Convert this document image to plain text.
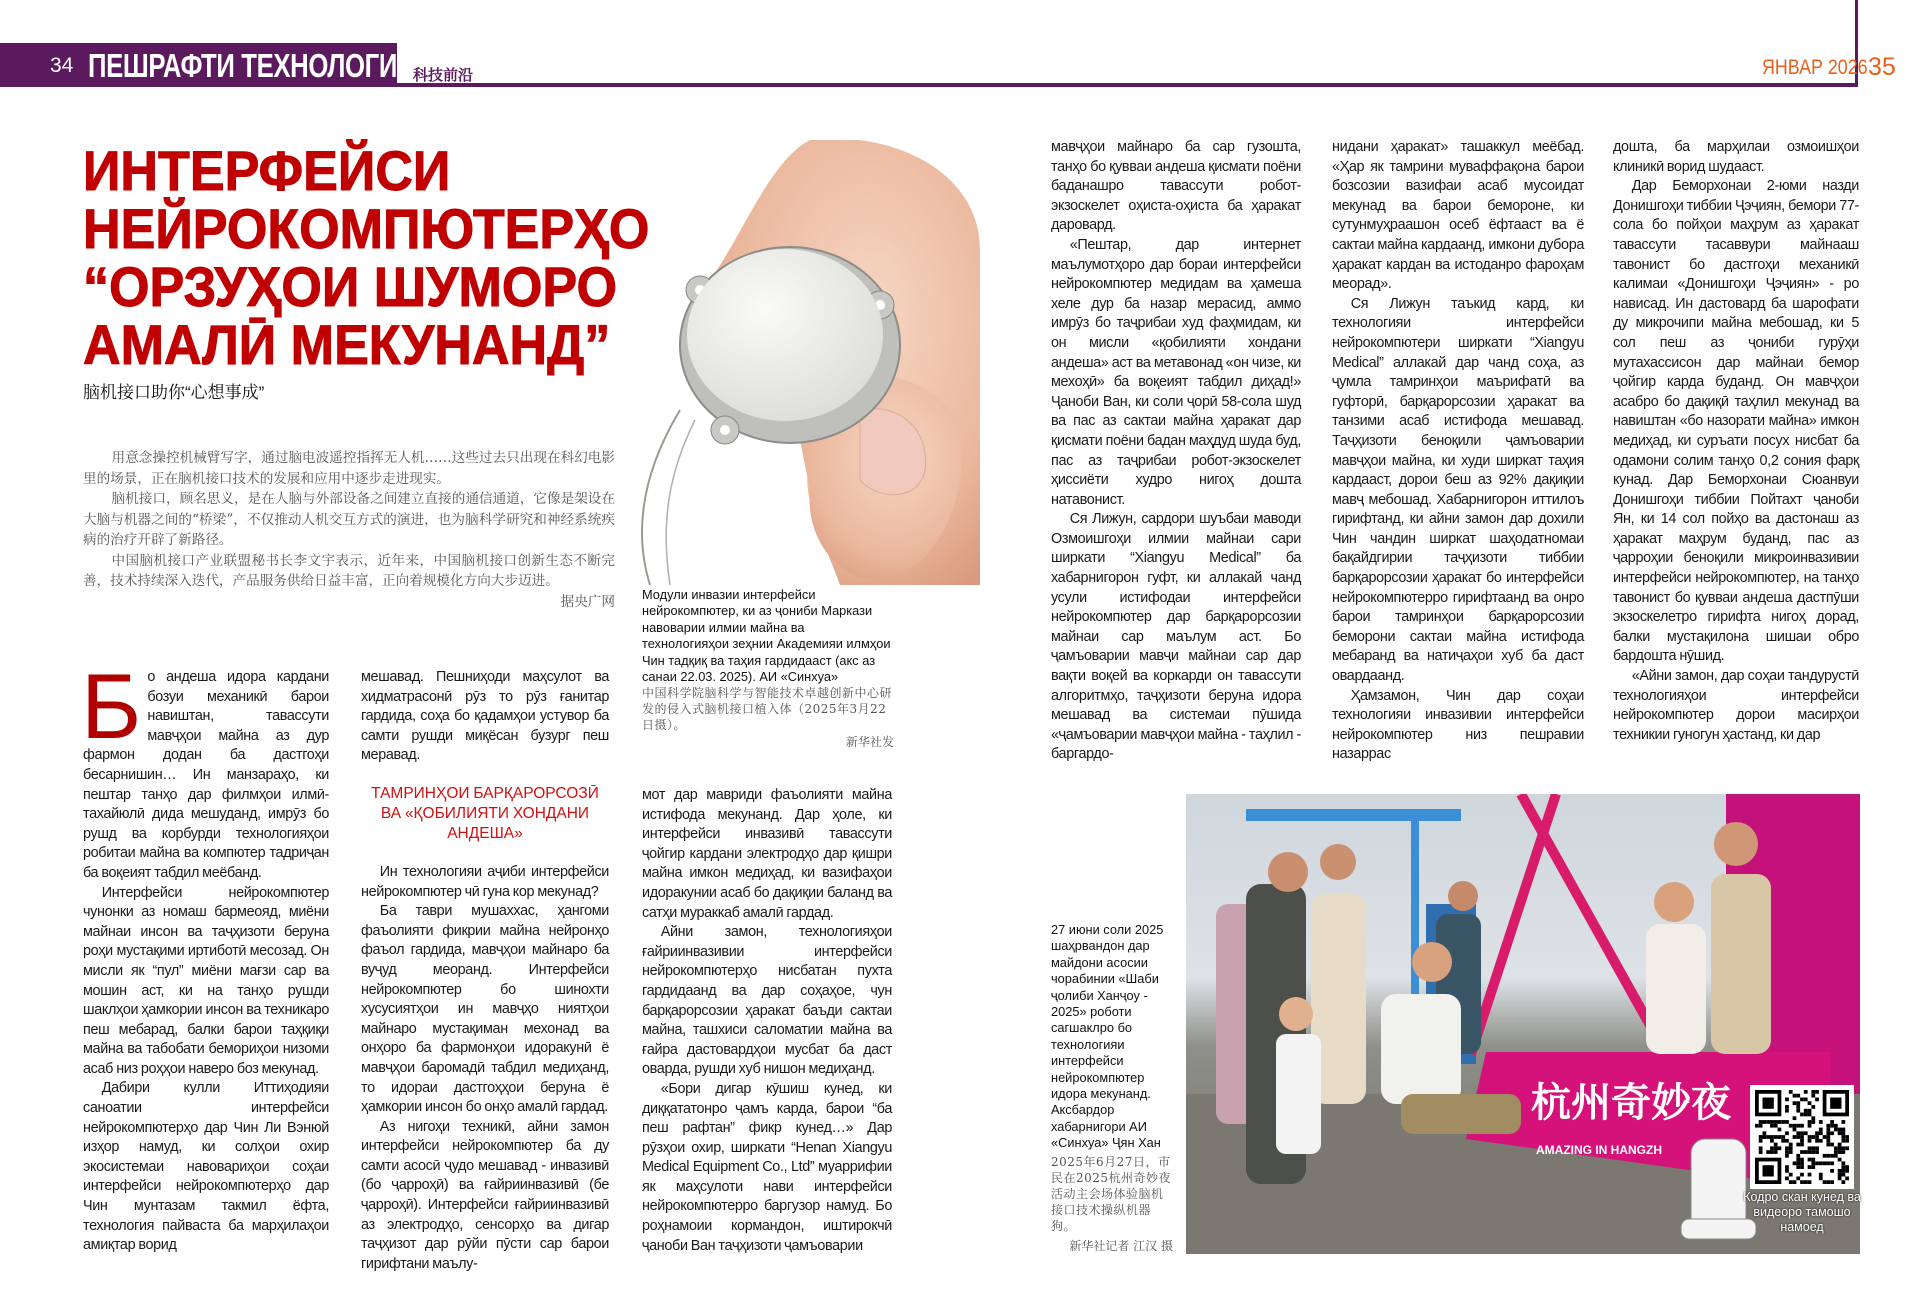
34 ПЕШРАФТИ ТЕХНОЛОГИЯ
科技前沿	ЯНВАР 2026 35
ИНТЕРФЕЙСИ
НЕЙРОКОМПЮТЕРҲО
“ОРЗУҲОИ ШУМОРО
АМАЛӢ МЕКУНАНД”
脑机接口助你“心想事成”

用意念操控机械臂写字，通过脑电波遥控指挥无人机……这些过去只出现在科幻电影里的场景，正在脑机接口技术的发展和应用中逐步走进现实。

脑机接口，顾名思义，是在人脑与外部设备之间建立直接的通信通道，它像是架设在大脑与机器之间的“桥梁”，不仅推动人机交互方式的演进，也为脑科学研究和神经系统疾病的治疗开辟了新路径。

中国脑机接口产业联盟秘书长李文宇表示，近年来，中国脑机接口创新生态不断完善，技术持续深入迭代，产品服务供给日益丰富，正向着规模化方向大步迈进。

据央广网 Модули инвазии интерфейси нейрокомпютер, ки аз ҷониби Маркази навоварии илмии майна ва технологияҳои зеҳнии Академияи илмҳои Чин тадқиқ ва таҳия гардидааст (акс аз санаи 22.03. 2025). АИ «Синхуа»
中国科学院脑科学与智能技术卓越创新中心研发的侵入式脑机接口植入体（2025年3月22日摄）。
新华社发

Бо андеша идора кардани бозуи механикӣ барои навиштан, тавассути мавҷҳои майна аз дур фармон додан ба дастгоҳи бесарнишин… Ин манзараҳо, ки пештар танҳо дар филмҳои илмӣ-тахайюлӣ дида мешуданд, имрӯз бо рушд ва корбурди технологияҳои робитаи майна ва компютер тадриҷан ба воқеият табдил меёбанд.

Интерфейси нейрокомпютер чунонки аз номаш бармеояд, миёни майнаи инсон ва таҷҳизоти беруна роҳи мустақими иртиботӣ месозад. Он мисли як “пул” миёни мағзи сар ва мошин аст, ки на танҳо рушди шаклҳои ҳамкории инсон ва техникаро пеш мебарад, балки барои таҳқиқи майна ва табобати бемориҳои низоми асаб низ роҳҳои наверо боз мекунад.

Дабири кулли Иттиҳодияи саноатии интерфейси нейрокомпютерҳо дар Чин Ли Вэнюй изҳор намуд, ки солҳои охир экосистемаи навовариҳои соҳаи интерфейси нейрокомпютерҳо дар Чин мунтазам такмил ёфта, технология пайваста ба марҳилаҳои амиқтар ворид

мешавад. Пешниҳоди маҳсулот ва хидматрасонӣ рӯз то рӯз ғанитар гардида, соҳа бо қадамҳои устувор ба самти рушди миқёсан бузург пеш меравад.

ТАМРИНҲОИ БАРҚАРОРСОЗӢ ВА «ҚОБИЛИЯТИ ХОНДАНИ АНДЕША»

Ин технологияи аҷиби интерфейси нейрокомпютер чӣ гуна кор мекунад?

Ба таври мушаххас, ҳангоми фаъолияти фикрии майна нейронҳо фаъол гардида, мавҷҳои майнаро ба вуҷуд меоранд. Интерфейси нейрокомпютер бо шинохти хусусиятҳои ин мавҷҳо ниятҳои майнаро мустақиман мехонад ва онҳоро ба фармонҳои идоракунӣ ё мавҷҳои баромадӣ табдил медиҳанд, то идораи дастгоҳҳои беруна ё ҳамкории инсон бо онҳо амалӣ гардад.

Аз нигоҳи техникӣ, айни замон интерфейси нейрокомпютер ба ду самти асосӣ ҷудо мешавад - инвазивӣ (бо ҷарроҳӣ) ва ғайриинвазивӣ (бе ҷарроҳӣ). Интерфейси ғайриинвазивӣ аз электродҳо, сенсорҳо ва дигар таҷҳизот дар рӯйи пӯсти сар барои гирифтани маълу-

мот дар мавриди фаъолияти майна истифода мекунанд. Дар ҳоле, ки интерфейси инвазивӣ тавассути ҷойгир кардани электродҳо дар қишри майна имкон медиҳад, ки вазифаҳои идоракунии асаб бо дақиқии баланд ва сатҳи мураккаб амалӣ гардад.

Айни замон, технологияҳои ғайриинвазивии интерфейси нейрокомпютерҳо нисбатан пухта гардидаанд ва дар соҳаҳое, чун барқарорсозии ҳаракат баъди сактаи майна, ташхиси саломатии майна ва ғайра дастовардҳои мусбат ба даст оварда, рушди хуб нишон медиҳанд.

«Бори дигар кӯшиш кунед, ки диққататонро ҷамъ карда, барои “ба пеш рафтан” фикр кунед…» Дар рӯзҳои охир, ширкати “Henan Xiangyu Medical Equipment Co., Ltd” муаррифии як маҳсулоти нави интерфейси нейрокомпютерро баргузор намуд. Бо роҳнамоии кормандон, иштирокчӣ ҷаноби Ван таҷҳизоти ҷамъоварии

мавҷҳои майнаро ба сар гузошта, танҳо бо қувваи андеша қисмати поёни баданашро тавассути робот-экзоскелет оҳиста-оҳиста ба ҳаракат даровард.

«Пештар, дар интернет маълумотҳоро дар бораи интерфейси нейрокомпютер медидам ва ҳамеша хеле дур ба назар мерасид, аммо имрӯз бо таҷрибаи худ фаҳмидам, ки он мисли «қобилияти хондани андеша» аст ва метавонад «он чизе, ки мехоҳӣ» ба воқеият табдил диҳад!» Ҷаноби Ван, ки соли ҷорӣ 58-сола шуд ва пас аз сактаи майна ҳаракат дар қисмати поёни бадан маҳдуд шуда буд, пас аз таҷрибаи робот-экзоскелет ҳиссиёти худро нигоҳ дошта натавонист.

Ся Лижун, сардори шуъбаи маводи Озмоишгоҳи илмии майнаи сари ширкати “Xiangyu Medical” ба хабарнигорон гуфт, ки аллакай чанд усули истифодаи интерфейси нейрокомпютер дар барқарорсозии майнаи сар маълум аст. Бо ҷамъоварии мавҷи майнаи сар дар вақти воқей ва коркарди он тавассути алгоритмҳо, таҷҳизоти беруна идора мешавад ва системаи пӯшида «ҷамъоварии мавҷҳои майна - таҳлил - баргардо-

нидани ҳаракат» ташаккул меёбад. «Ҳар як тамрини муваффақона барои бозсозии вазифаи асаб мусоидат мекунад ва барои бемороне, ки сутунмуҳраашон осеб ёфтааст ва ё сактаи майна кардаанд, имкони дубора ҳаракат кардан ва истоданро фароҳам меорад».

Ся Лижун таъкид кард, ки технологияи интерфейси нейрокомпютери ширкати “Xiangyu Medical” аллакай дар чанд соҳа, аз ҷумла тамринҳои маърифатӣ ва гуфторӣ, барқарорсозии ҳаракат ва танзими асаб истифода мешавад. Таҷҳизоти беноқили ҷамъоварии мавҷҳои майна, ки худи ширкат таҳия кардааст, дорои беш аз 92% дақиқии мавҷ мебошад. Хабарнигорон иттилоъ гирифтанд, ки айни замон дар дохили Чин чандин ширкат шаҳодатномаи бақайдгирии таҷҳизоти тиббии барқарорсозии ҳаракат бо интерфейси нейрокомпютерро гирифтаанд ва онро барои тамринҳои барқарорсозии беморони сактаи майна истифода мебаранд ва натиҷаҳои хуб ба даст овардаанд.

Ҳамзамон, Чин дар соҳаи технологияи инвазивии интерфейси нейрокомпютер низ пешравии назаррас

дошта, ба марҳилаи озмоишҳои клиникӣ ворид шудааст.

Дар Беморхонаи 2-юми назди Донишгоҳи тиббии Ҷэҷиян, бемори 77-сола бо пойҳои маҳрум аз ҳаракат тавассути тасаввури майнааш тавонист бо дастгоҳи механикӣ калимаи «Донишгоҳи Ҷэҷиян» - ро нависад. Ин дастовард ба шарофати ду микрочипи майна мебошад, ки 5 сол пеш аз ҷониби гурӯҳи мутахассисон дар майнаи бемор ҷойгир карда буданд. Он мавҷҳои асабро бо дақиқӣ таҳлил мекунад ва навиштан «бо назорати майна» имкон медиҳад, ки суръати посух нисбат ба одамони солим танҳо 0,2 сония фарқ кунад. Дар Беморхонаи Сюанвуи Донишгоҳи тиббии Пойтахт ҷаноби Ян, ки 14 сол пойҳо ва дастонаш аз ҳаракат маҳрум буданд, пас аз ҷарроҳии беноқили микроинвазивии интерфейси нейрокомпютер, на танҳо тавонист бо қувваи андеша дастпӯши экзоскелетро гирифта нигоҳ дорад, балки мустақилона шишаи обро бардошта нӯшид.

«Айни замон, дар соҳаи тандурустӣ технологияҳои интерфейси нейрокомпютер дорои масирҳои техникии гуногун ҳастанд, ки дар

27 июни соли 2025 шаҳрвандон дар майдони асосии чорабинии «Шаби ҷолиби Ханҷоу - 2025» роботи сагшаклро бо технологияи интерфейси нейрокомпютер идора мекунанд. Аксбардор хабарнигори АИ «Синхуа» Ҷян Хан
2025年6月27日，市民在2025杭州奇妙夜活动主会场体验脑机接口技术操纵机器狗。
新华社记者 江汉 摄
杭州奇妙夜
AMAZING IN HANGZH
Кодро скан кунед ва видеоро тамошо намоед
